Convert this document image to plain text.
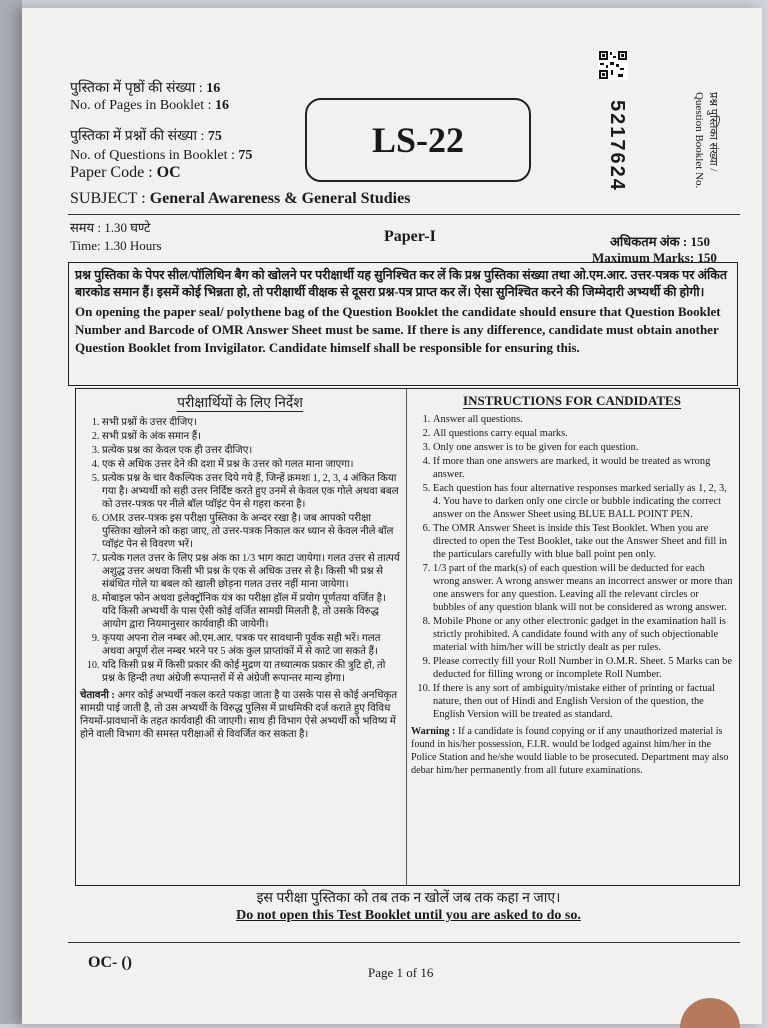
पुस्तिका में पृष्ठों की संख्या : 16
No. of Pages in Booklet : 16
पुस्तिका में प्रश्नों की संख्या : 75
No. of Questions in Booklet : 75
Paper Code : OC
SUBJECT : General Awareness & General Studies
LS-22	5217624	प्रश्न पुस्तिका संख्या / Question Booklet No.
समय : 1.30 घण्टे
Time: 1.30 Hours
Paper-I	अधिकतम अंक : 150
Maximum Marks: 150
प्रश्न पुस्तिका के पेपर सील/पॉलिथिन बैग को खोलने पर परीक्षार्थी यह सुनिश्चित कर लें कि प्रश्न पुस्तिका संख्या तथा ओ.एम.आर. उत्तर-पत्रक पर अंकित बारकोड समान हैं। इसमें कोई भिन्नता हो, तो परीक्षार्थी वीक्षक से दूसरा प्रश्न-पत्र प्राप्त कर लें। ऐसा सुनिश्चित करने की जिम्मेदारी अभ्यर्थी की होगी।
On opening the paper seal/ polythene bag of the Question Booklet the candidate should ensure that Question Booklet Number and Barcode of OMR Answer Sheet must be same. If there is any difference, candidate must obtain another Question Booklet from Invigilator. Candidate himself shall be responsible for ensuring this.
परीक्षार्थियों के लिए निर्देश
1. सभी प्रश्नों के उत्तर दीजिए।
2. सभी प्रश्नों के अंक समान हैं।
3. प्रत्येक प्रश्न का केवल एक ही उत्तर दीजिए।
4. एक से अधिक उत्तर देने की दशा में प्रश्न के उत्तर को गलत माना जाएगा।
5. प्रत्येक प्रश्न के चार वैकल्पिक उत्तर दिये गये हैं, जिन्हें क्रमशः 1, 2, 3, 4 अंकित किया गया है। अभ्यर्थी को सही उत्तर निर्दिष्ट करते हुए उनमें से केवल एक गोले अथवा बबल को उत्तर-पत्रक पर नीले बॉल प्वॉइंट पेन से गहरा करना है।
6. OMR उत्तर-पत्रक इस परीक्षा पुस्तिका के अन्दर रखा है। जब आपको परीक्षा पुस्तिका खोलने को कहा जाए, तो उत्तर-पत्रक निकाल कर ध्यान से केवल नीले बॉल प्वॉइंट पेन से विवरण भरें।
7. प्रत्येक गलत उत्तर के लिए प्रश्न अंक का 1/3 भाग काटा जायेगा। गलत उत्तर से तात्पर्य अशुद्ध उत्तर अथवा किसी भी प्रश्न के एक से अधिक उत्तर से है। किसी भी प्रश्न से संबंधित गोले या बबल को खाली छोड़ना गलत उत्तर नहीं माना जायेगा।
8. मोबाइल फोन अथवा इलेक्ट्रॉनिक यंत्र का परीक्षा हॉल में प्रयोग पूर्णतया वर्जित है। यदि किसी अभ्यर्थी के पास ऐसी कोई वर्जित सामग्री मिलती है, तो उसके विरुद्ध आयोग द्वारा नियमानुसार कार्यवाही की जायेगी।
9. कृपया अपना रोल नम्बर ओ.एम.आर. पत्रक पर सावधानी पूर्वक सही भरें। गलत अथवा अपूर्ण रोल नम्बर भरने पर 5 अंक कुल प्राप्तांकों में से काटे जा सकते हैं।
10. यदि किसी प्रश्न में किसी प्रकार की कोई मुद्रण या तथ्यात्मक प्रकार की त्रुटि हो, तो प्रश्न के हिन्दी तथा अंग्रेजी रूपान्तरों में से अंग्रेजी रूपान्तर मान्य होगा।
चेतावनी : अगर कोई अभ्यर्थी नकल करते पकड़ा जाता है या उसके पास से कोई अनधिकृत सामग्री पाई जाती है, तो उस अभ्यर्थी के विरुद्ध पुलिस में प्राथमिकी दर्ज कराते हुए विविध नियमों-प्रावधानों के तहत कार्यवाही की जाएगी। साथ ही विभाग ऐसे अभ्यर्थी को भविष्य में होने वाली विभाग की समस्त परीक्षाओं से विवर्जित कर सकता है।
INSTRUCTIONS FOR CANDIDATES
1. Answer all questions.
2. All questions carry equal marks.
3. Only one answer is to be given for each question.
4. If more than one answers are marked, it would be treated as wrong answer.
5. Each question has four alternative responses marked serially as 1, 2, 3, 4. You have to darken only one circle or bubble indicating the correct answer on the Answer Sheet using BLUE BALL POINT PEN.
6. The OMR Answer Sheet is inside this Test Booklet. When you are directed to open the Test Booklet, take out the Answer Sheet and fill in the particulars carefully with blue ball point pen only.
7. 1/3 part of the mark(s) of each question will be deducted for each wrong answer. A wrong answer means an incorrect answer or more than one answers for any question. Leaving all the relevant circles or bubbles of any question blank will not be considered as wrong answer.
8. Mobile Phone or any other electronic gadget in the examination hall is strictly prohibited. A candidate found with any of such objectionable material with him/her will be strictly dealt as per rules.
9. Please correctly fill your Roll Number in O.M.R. Sheet. 5 Marks can be deducted for filling wrong or incomplete Roll Number.
10. If there is any sort of ambiguity/mistake either of printing or factual nature, then out of Hindi and English Version of the question, the English Version will be treated as standard.
Warning : If a candidate is found copying or if any unauthorized material is found in his/her possession, F.I.R. would be lodged against him/her in the Police Station and he/she would liable to be prosecuted. Department may also debar him/her permanently from all future examinations.
इस परीक्षा पुस्तिका को तब तक न खोलें जब तक कहा न जाए।
Do not open this Test Booklet until you are asked to do so.
OC- ()
Page 1 of 16
